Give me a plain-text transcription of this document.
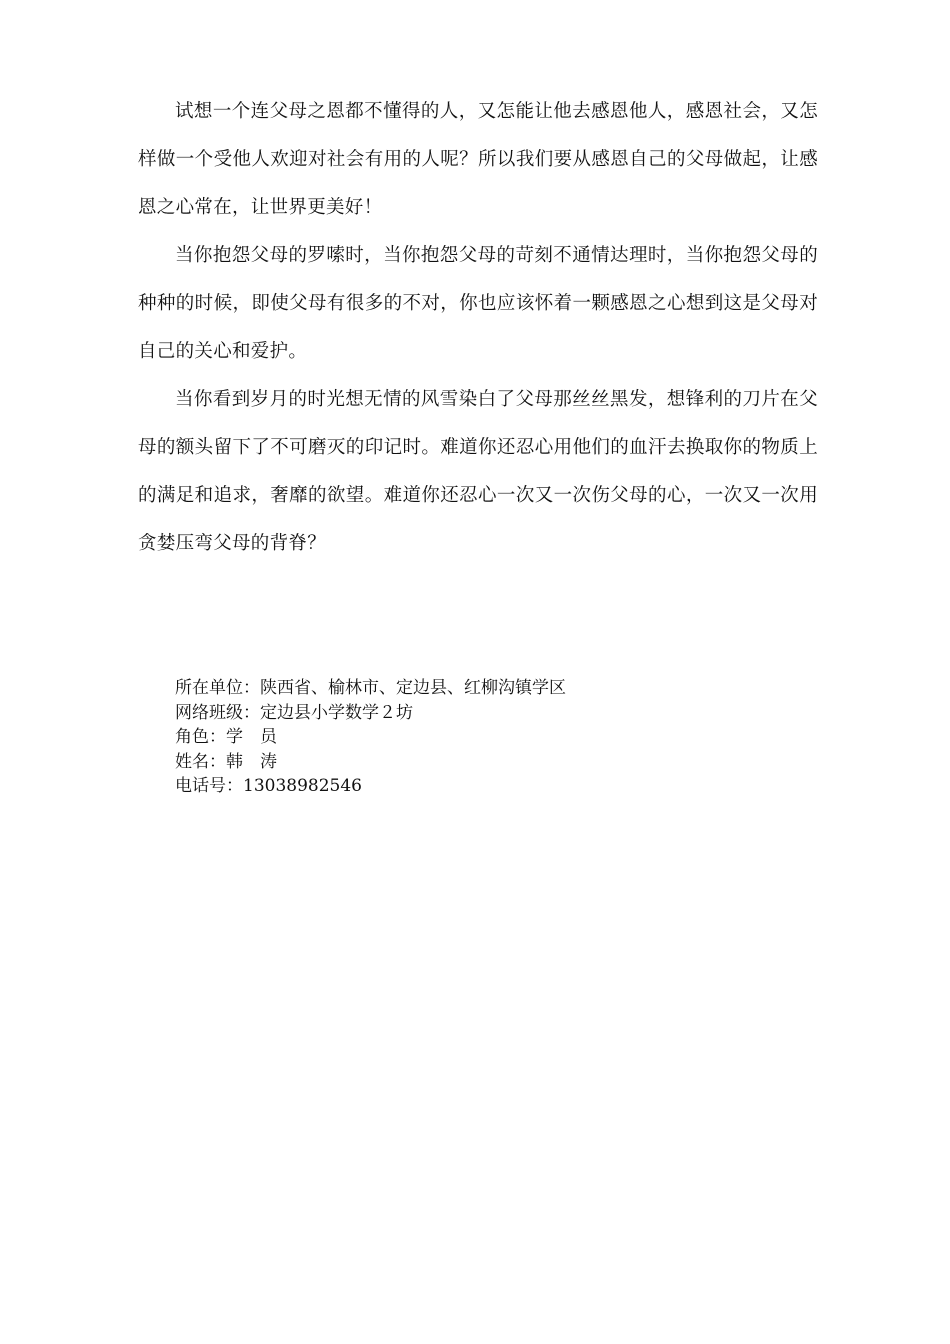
试想一个连父母之恩都不懂得的人，又怎能让他去感恩他人，感恩社会，又怎样做一个受他人欢迎对社会有用的人呢？所以我们要从感恩自己的父母做起，让感恩之心常在，让世界更美好！

当你抱怨父母的罗嗦时，当你抱怨父母的苛刻不通情达理时，当你抱怨父母的种种的时候，即使父母有很多的不对，你也应该怀着一颗感恩之心想到这是父母对自己的关心和爱护。

当你看到岁月的时光想无情的风雪染白了父母那丝丝黑发，想锋利的刀片在父母的额头留下了不可磨灭的印记时。难道你还忍心用他们的血汗去换取你的物质上的满足和追求，奢靡的欲望。难道你还忍心一次又一次伤父母的心，一次又一次用贪婪压弯父母的背脊？

所在单位：陕西省、榆林市、定边县、红柳沟镇学区

网络班级：定边县小学数学２坊

角色：学　员

姓名：韩　涛

电话号：13038982546
